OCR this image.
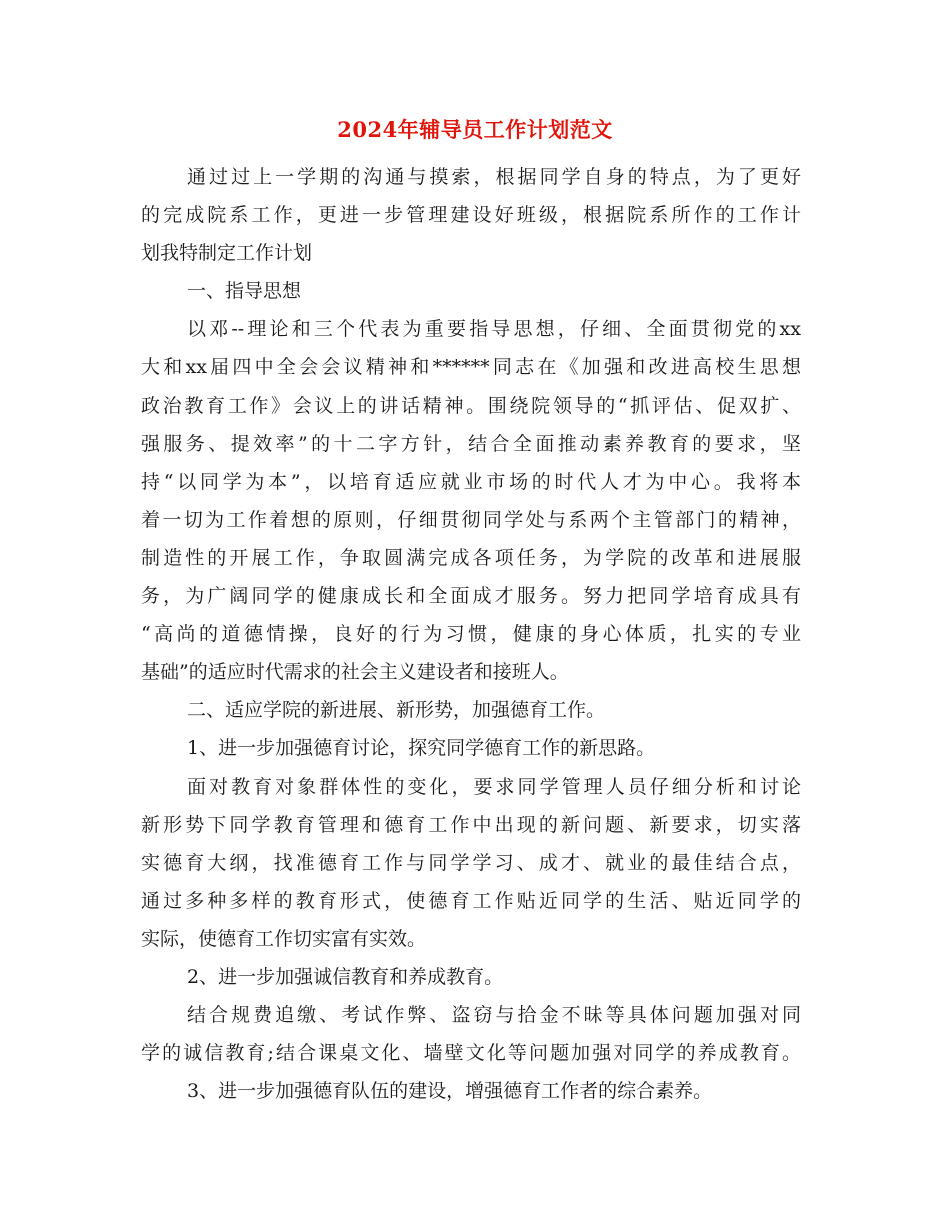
2024年辅导员工作计划范文
通过过上一学期的沟通与摸索，根据同学自身的特点，为了更好
的完成院系工作，更进一步管理建设好班级，根据院系所作的工作计
划我特制定工作计划
一、指导思想
以邓--理论和三个代表为重要指导思想，仔细、全面贯彻党的xx
大和xx届四中全会会议精神和******同志在《加强和改进高校生思想
政治教育工作》会议上的讲话精神。围绕院领导的“抓评估、促双扩、
强服务、提效率”的十二字方针，结合全面推动素养教育的要求，坚
持“以同学为本”，以培育适应就业市场的时代人才为中心。我将本
着一切为工作着想的原则，仔细贯彻同学处与系两个主管部门的精神，
制造性的开展工作，争取圆满完成各项任务，为学院的改革和进展服
务，为广阔同学的健康成长和全面成才服务。努力把同学培育成具有
“高尚的道德情操，良好的行为习惯，健康的身心体质，扎实的专业
基础”的适应时代需求的社会主义建设者和接班人。
二、适应学院的新进展、新形势，加强德育工作。
1、进一步加强德育讨论，探究同学德育工作的新思路。
面对教育对象群体性的变化，要求同学管理人员仔细分析和讨论
新形势下同学教育管理和德育工作中出现的新问题、新要求，切实落
实德育大纲，找准德育工作与同学学习、成才、就业的最佳结合点，
通过多种多样的教育形式，使德育工作贴近同学的生活、贴近同学的
实际，使德育工作切实富有实效。
2、进一步加强诚信教育和养成教育。
结合规费追缴、考试作弊、盗窃与拾金不昧等具体问题加强对同
学的诚信教育;结合课桌文化、墙壁文化等问题加强对同学的养成教育。
3、进一步加强德育队伍的建设，增强德育工作者的综合素养。
